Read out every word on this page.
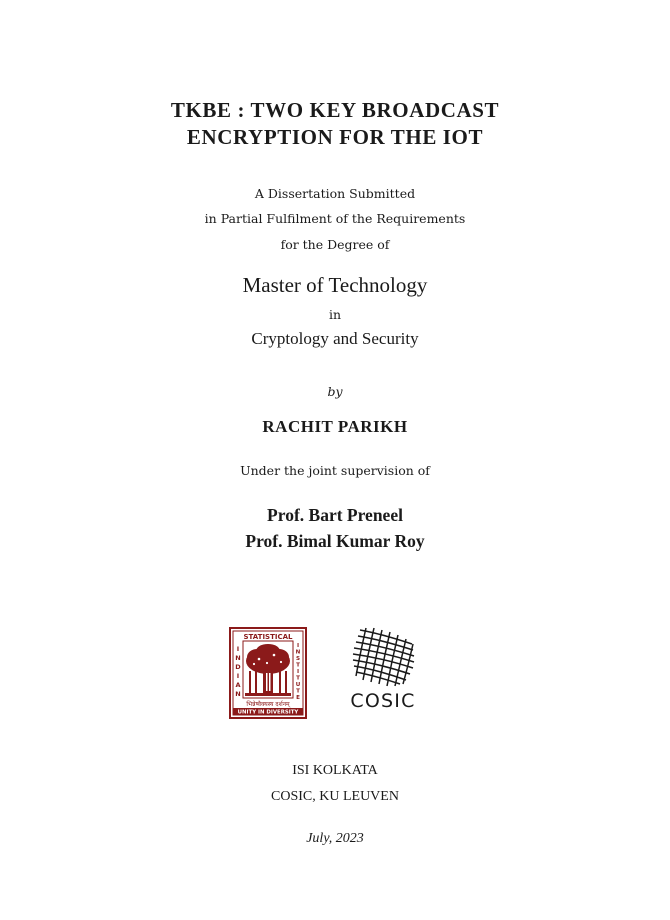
TKBE : TWO KEY BROADCAST
ENCRYPTION FOR THE IOT
A Dissertation Submitted
in Partial Fulfilment of the Requirements
for the Degree of
Master of Technology
in
Cryptology and Security
by
RACHIT PARIKH
Under the joint supervision of
Prof. Bart Preneel
Prof. Bimal Kumar Roy
STATISTICAL
I
N
D
I
A
N
I
N
S
T
I
T
U
T
E
भिन्नेष्वैक्यस्य दर्शनम्
UNITY IN DIVERSITY
COSIC
ISI KOLKATA
COSIC, KU LEUVEN
July, 2023
